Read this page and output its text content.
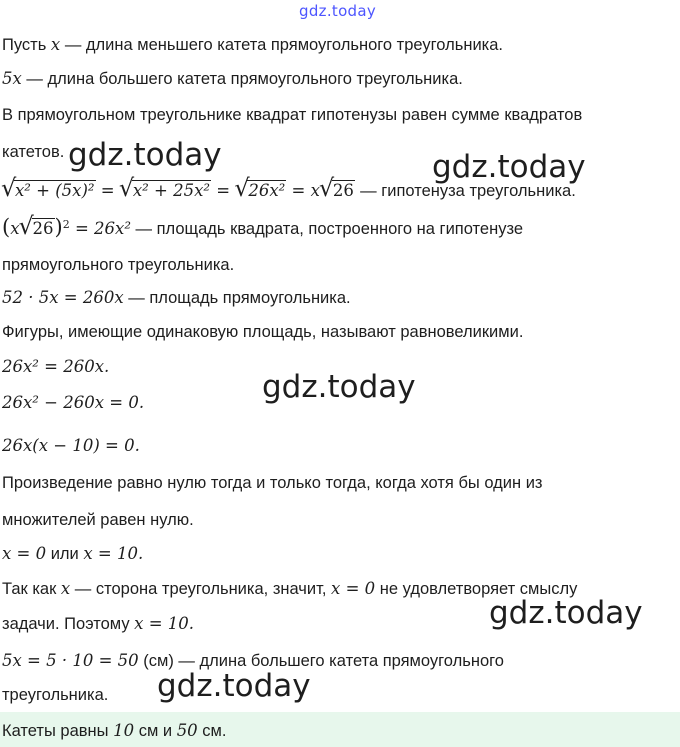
gdz.today
Пусть x — длина меньшего катета прямоугольного треугольника.
5x — длина большего катета прямоугольного треугольника.
В прямоугольном треугольнике квадрат гипотенузы равен сумме квадратов
катетов.
√
x² + (5x)² = √
x² + 25x² = √
26x² = x √
26 — гипотенуза треугольника.
(x √
26)$^2$ = 26x² — площадь квадрата, построенного на гипотенузе
прямоугольного треугольника.
52 · 5x = 260x — площадь прямоугольника.
Фигуры, имеющие одинаковую площадь, называют равновеликими.
26x² = 260x.
26x² − 260x = 0.
26x(x − 10) = 0.
Произведение равно нулю тогда и только тогда, когда хотя бы один из
множителей равен нулю.
x = 0 или x = 10.
Так как x — сторона треугольника, значит, x = 0 не удовлетворяет смыслу
задачи. Поэтому x = 10.
5x = 5 · 10 = 50 (см) — длина большего катета прямоугольного
треугольника.
Катеты равны 10 см и 50 см.
gdz.today	gdz.today
gdz.today
gdz.today
gdz.today
